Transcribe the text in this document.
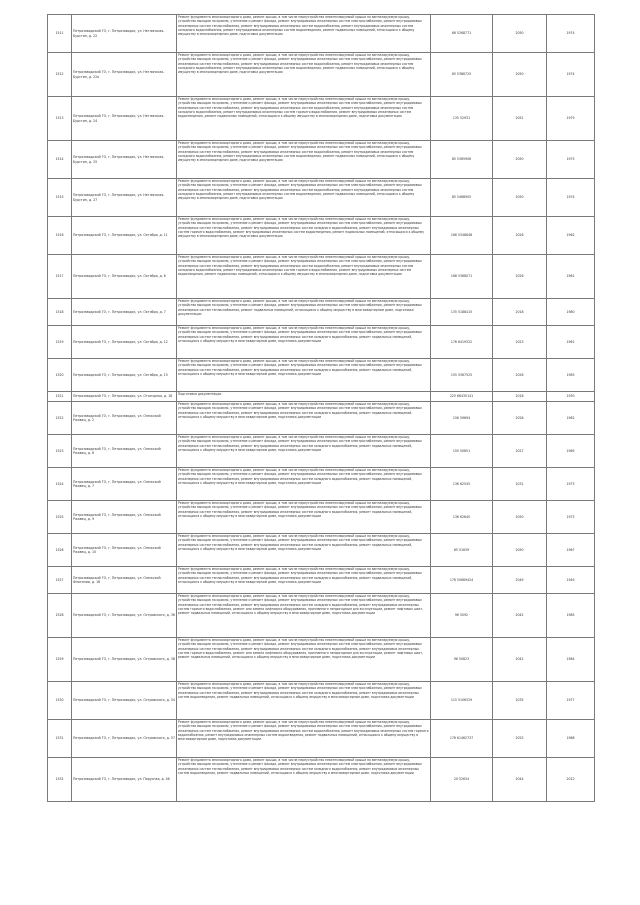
1511	Петрозаводский ГО, г. Петрозаводск, ул. Неглинская-Бурстин, д. 22	Ремонт фундамента многоквартирного дома, ремонт крыши, в том числе переустройство невентилируемой крыши на вентилируемую крышу, устройство выходов на кровлю, утепление и ремонт фасада, ремонт внутридомовых инженерных систем электроснабжения, ремонт внутридомовых инженерных систем теплоснабжения, ремонт внутридомовых инженерных систем водоснабжения, ремонт внутридомовых инженерных систем холодного водоснабжения, ремонт внутридомовых инженерных систем водоотведения, ремонт подвальных помещений, относящихся к общему имуществу в многоквартирном доме, подготовка документации	66 5268771	2050	1974
1512	Петрозаводский ГО, г. Петрозаводск, ул. Неглинская-Бурстин, д. 22а	Ремонт фундамента многоквартирного дома, ремонт крыши, в том числе переустройство невентилируемой крыши на вентилируемую крышу, устройство выходов на кровлю, утепление и ремонт фасада, ремонт внутридомовых инженерных систем электроснабжения, ремонт внутридомовых инженерных систем теплоснабжения, ремонт внутридомовых инженерных систем водоснабжения, ремонт внутридомовых инженерных систем холодного водоснабжения, ремонт внутридомовых инженерных систем водоотведения, ремонт подвальных помещений, относящихся к общему имуществу в многоквартирном доме, подготовка документации	65 5386725	2050	1974
1513	Петрозаводский ГО, г. Петрозаводск, ул. Неглинская-Бурстин, д. 24	Ремонт фундамента многоквартирного дома, ремонт крыши, в том числе переустройство невентилируемой крыши на вентилируемую крышу, устройство выходов на кровлю, утепление и ремонт фасада, ремонт внутридомовых инженерных систем электроснабжения, ремонт внутридомовых инженерных систем теплоснабжения, ремонт внутридомовых инженерных систем водоснабжения, ремонт внутридомовых инженерных систем холодного водоснабжения, ремонт внутридомовых инженерных систем горячего водоснабжения, ремонт внутридомовых инженерных систем водоотведения, ремонт подвальных помещений, относящихся к общему имуществу в многоквартирном доме, подготовка документации	135 52931	2051	1979
1514	Петрозаводский ГО, г. Петрозаводск, ул. Неглинская-Бурстин, д. 25	Ремонт фундамента многоквартирного дома, ремонт крыши, в том числе переустройство невентилируемой крыши на вентилируемую крышу, устройство выходов на кровлю, утепление и ремонт фасада, ремонт внутридомовых инженерных систем электроснабжения, ремонт внутридомовых инженерных систем теплоснабжения, ремонт внутридомовых инженерных систем водоснабжения, ремонт внутридомовых инженерных систем холодного водоснабжения, ремонт внутридомовых инженерных систем водоотведения, ремонт подвальных помещений, относящихся к общему имуществу в многоквартирном доме, подготовка документации	85 5365906	2050	1975
1515	Петрозаводский ГО, г. Петрозаводск, ул. Неглинская-Бурстин, д. 27	Ремонт фундамента многоквартирного дома, ремонт крыши, в том числе переустройство невентилируемой крыши на вентилируемую крышу, устройство выходов на кровлю, утепление и ремонт фасада, ремонт внутридомовых инженерных систем электроснабжения, ремонт внутридомовых инженерных систем теплоснабжения, ремонт внутридомовых инженерных систем водоснабжения, ремонт внутридомовых инженерных систем холодного водоснабжения, ремонт внутридомовых инженерных систем водоотведения, ремонт подвальных помещений, относящихся к общему имуществу в многоквартирном доме, подготовка документации	85 5468905	2050	1974
1516	Петрозаводский ГО, г. Петрозаводск, ул. Октября, д. 11	Ремонт фундамента многоквартирного дома, ремонт крыши, в том числе переустройство невентилируемой крыши на вентилируемую крышу, устройство выходов на кровлю, утепление и ремонт фасада, ремонт внутридомовых инженерных систем электроснабжения, ремонт внутридомовых инженерных систем теплоснабжения, ремонт внутридомовых инженерных систем холодного водоснабжения, ремонт внутридомовых инженерных систем горячего водоснабжения, ремонт внутридомовых инженерных систем водоотведения, ремонт подвальных помещений, относящихся к общему имуществу в многоквартирном доме, подготовка документации	166 5348648	2026	1962
1517	Петрозаводский ГО, г. Петрозаводск, ул. Октября, д. 6	Ремонт фундамента многоквартирного дома, ремонт крыши, в том числе переустройство невентилируемой крыши на вентилируемую крышу, устройство выходов на кровлю, утепление и ремонт фасада, ремонт внутридомовых инженерных систем электроснабжения, ремонт внутридомовых инженерных систем теплоснабжения, ремонт внутридомовых инженерных систем водоснабжения, ремонт внутридомовых инженерных систем холодного водоснабжения, ремонт внутридомовых инженерных систем горячего водоснабжения, ремонт внутридомовых инженерных систем водоотведения, ремонт подвальных помещений, относящихся к общему имуществу в многоквартирном доме, подготовка документации	168 5368071	2026	1961
1518	Петрозаводский ГО, г. Петрозаводск, ул. Октября, д. 7	Ремонт фундамента многоквартирного дома, ремонт крыши, в том числе переустройство невентилируемой крыши на вентилируемую крышу, устройство выходов на кровлю, утепление и ремонт фасада, ремонт внутридомовых инженерных систем электроснабжения, ремонт внутридомовых инженерных систем теплоснабжения, ремонт подвальных помещений, относящихся к общему имуществу в многоквартирном доме, подготовка документации	135 5188415	2018	1980
1519	Петрозаводский ГО, г. Петрозаводск, ул. Октября, д. 12	Ремонт фундамента многоквартирного дома, ремонт крыши, в том числе переустройство невентилируемой крыши на вентилируемую крышу, устройство выходов на кровлю, утепление и ремонт фасада, ремонт внутридомовых инженерных систем электроснабжения, ремонт внутридомовых инженерных систем теплоснабжения, ремонт внутридомовых инженерных систем холодного водоснабжения, ремонт подвальных помещений, относящихся к общему имуществу в многоквартирном доме, подготовка документации	176 6419322	2023	1961
1520	Петрозаводский ГО, г. Петрозаводск, ул. Октября, д. 15	Ремонт фундамента многоквартирного дома, ремонт крыши, в том числе переустройство невентилируемой крыши на вентилируемую крышу, устройство выходов на кровлю, утепление и ремонт фасада, ремонт внутридомовых инженерных систем электроснабжения, ремонт внутридомовых инженерных систем теплоснабжения, ремонт внутридомовых инженерных систем холодного водоснабжения, ремонт подвальных помещений, относящихся к общему имуществу в многоквартирном доме, подготовка документации	155 5367525	2026	1963
1521	Петрозаводский ГО, г. Петрозаводск, ул. Отъездная, д. 18	Подготовка документации	225 66435141	2016	1930
1522	Петрозаводский ГО, г. Петрозаводск, ул. Онежский Ржавец, д. 2	Ремонт фундамента многоквартирного дома, ремонт крыши, в том числе переустройство невентилируемой крыши на вентилируемую крышу, устройство выходов на кровлю, утепление и ремонт фасада, ремонт внутридомовых инженерных систем электроснабжения, ремонт внутридомовых инженерных систем теплоснабжения, ремонт внутридомовых инженерных систем холодного водоснабжения, ремонт подвальных помещений, относящихся к общему имуществу в многоквартирном доме, подготовка документации	156 59694	2026	1962
1523	Петрозаводский ГО, г. Петрозаводск, ул. Онежский Ржавец, д. 6	Ремонт фундамента многоквартирного дома, ремонт крыши, в том числе переустройство невентилируемой крыши на вентилируемую крышу, устройство выходов на кровлю, утепление и ремонт фасада, ремонт внутридомовых инженерных систем электроснабжения, ремонт внутридомовых инженерных систем теплоснабжения, ремонт внутридомовых инженерных систем холодного водоснабжения, ремонт подвальных помещений, относящихся к общему имуществу в многоквартирном доме, подготовка документации	155 50851	2027	1965
1524	Петрозаводский ГО, г. Петрозаводск, ул. Онежский Ржавец, д. 7	Ремонт фундамента многоквартирного дома, ремонт крыши, в том числе переустройство невентилируемой крыши на вентилируемую крышу, устройство выходов на кровлю, утепление и ремонт фасада, ремонт внутридомовых инженерных систем электроснабжения, ремонт внутридомовых инженерных систем теплоснабжения, ремонт внутридомовых инженерных систем холодного водоснабжения, ремонт подвальных помещений, относящихся к общему имуществу в многоквартирном доме, подготовка документации	136 62545	2031	1973
1525	Петрозаводский ГО, г. Петрозаводск, ул. Онежский Ржавец, д. 9	Ремонт фундамента многоквартирного дома, ремонт крыши, в том числе переустройство невентилируемой крыши на вентилируемую крышу, устройство выходов на кровлю, утепление и ремонт фасада, ремонт внутридомовых инженерных систем электроснабжения, ремонт внутридомовых инженерных систем теплоснабжения, ремонт внутридомовых инженерных систем холодного водоснабжения, ремонт подвальных помещений, относящихся к общему имуществу в многоквартирном доме, подготовка документации	136 62640	2050	1973
1526	Петрозаводский ГО, г. Петрозаводск, ул. Онежский Ржавец, д. 10	Ремонт фундамента многоквартирного дома, ремонт крыши, в том числе переустройство невентилируемой крыши на вентилируемую крышу, устройство выходов на кровлю, утепление и ремонт фасада, ремонт внутридомовых инженерных систем электроснабжения, ремонт внутридомовых инженерных систем теплоснабжения, ремонт внутридомовых инженерных систем холодного водоснабжения, ремонт подвальных помещений, относящихся к общему имуществу в многоквартирном доме, подготовка документации	85 51639	2050	1967
1527	Петрозаводский ГО, г. Петрозаводск, ул. Онежской Флотилии, д. 16	Ремонт фундамента многоквартирного дома, ремонт крыши, в том числе переустройство невентилируемой крыши на вентилируемую крышу, устройство выходов на кровлю, утепление и ремонт фасада, ремонт внутридомовых инженерных систем электроснабжения, ремонт внутридомовых инженерных систем теплоснабжения, ремонт внутридомовых инженерных систем холодного водоснабжения, ремонт подвальных помещений, относящихся к общему имуществу в многоквартирном доме, подготовка документации	176 50669424	2049	1949
1528	Петрозаводский ГО, г. Петрозаводск, ул. Островского, д. 36	Ремонт фундамента многоквартирного дома, ремонт крыши, в том числе переустройство невентилируемой крыши на вентилируемую крышу, устройство выходов на кровлю, утепление и ремонт фасада, ремонт внутридомовых инженерных систем электроснабжения, ремонт внутридомовых инженерных систем теплоснабжения, ремонт внутридомовых инженерных систем холодного водоснабжения, ремонт внутридомовых инженерных систем горячего водоснабжения, ремонт или замена лифтового оборудования, признанного непригодным для эксплуатации, ремонт лифтовых шахт, ремонт подвальных помещений, относящихся к общему имуществу в многоквартирном доме, подготовка документации	96 5092	2042	1985
1529	Петрозаводский ГО, г. Петрозаводск, ул. Островского, д. 38	Ремонт фундамента многоквартирного дома, ремонт крыши, в том числе переустройство невентилируемой крыши на вентилируемую крышу, устройство выходов на кровлю, утепление и ремонт фасада, ремонт внутридомовых инженерных систем электроснабжения, ремонт внутридомовых инженерных систем теплоснабжения, ремонт внутридомовых инженерных систем холодного водоснабжения, ремонт внутридомовых инженерных систем горячего водоснабжения, ремонт или замена лифтового оборудования, признанного непригодным для эксплуатации, ремонт лифтовых шахт, ремонт подвальных помещений, относящихся к общему имуществу в многоквартирном доме, подготовка документации	96 50823	2042	1984
1530	Петрозаводский ГО, г. Петрозаводск, ул. Островского, д. 54	Ремонт фундамента многоквартирного дома, ремонт крыши, в том числе переустройство невентилируемой крыши на вентилируемую крышу, устройство выходов на кровлю, утепление и ремонт фасада, ремонт внутридомовых инженерных систем электроснабжения, ремонт внутридомовых инженерных систем теплоснабжения, ремонт внутридомовых инженерных систем холодного водоснабжения, ремонт внутридомовых инженерных систем водоотведения, ремонт подвальных помещений, относящихся к общему имуществу в многоквартирном доме, подготовка документации	115 5106329	2035	1977
1531	Петрозаводский ГО, г. Петрозаводск, ул. Островского, д. 57	Ремонт фундамента многоквартирного дома, ремонт крыши, в том числе переустройство невентилируемой крыши на вентилируемую крышу, устройство выходов на кровлю, утепление и ремонт фасада, ремонт внутридомовых инженерных систем электроснабжения, ремонт внутридомовых инженерных систем теплоснабжения, ремонт внутридомовых инженерных систем водоснабжения, ремонт внутридомовых инженерных систем горячего водоснабжения, ремонт внутридомовых инженерных систем водоотведения, ремонт подвальных помещений, относящихся к общему имуществу в многоквартирном доме, подготовка документации	176 61462737	2025	1968
1532	Петрозаводский ГО, г. Петрозаводск, ул. Парусная, д. 46	Ремонт фундамента многоквартирного дома, ремонт крыши, в том числе переустройство невентилируемой крыши на вентилируемую крышу, устройство выходов на кровлю, утепление и ремонт фасада, ремонт внутридомовых инженерных систем электроснабжения, ремонт внутридомовых инженерных систем теплоснабжения, ремонт внутридомовых инженерных систем холодного водоснабжения, ремонт внутридомовых инженерных систем водоотведения, ремонт подвальных помещений, относящихся к общему имуществу в многоквартирном доме, подготовка документации	20 52634	2044	2012
